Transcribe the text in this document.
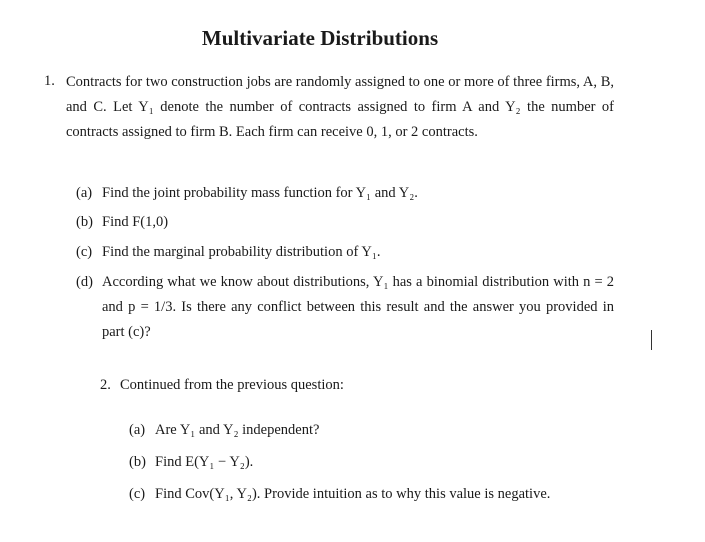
Multivariate Distributions
1. Contracts for two construction jobs are randomly assigned to one or more of three firms, A, B, and C. Let Y₁ denote the number of contracts assigned to firm A and Y₂ the number of contracts assigned to firm B. Each firm can receive 0, 1, or 2 contracts.
(a) Find the joint probability mass function for Y₁ and Y₂.
(b) Find F(1,0)
(c) Find the marginal probability distribution of Y₁.
(d) According what we know about distributions, Y₁ has a binomial distribution with n = 2 and p = 1/3. Is there any conflict between this result and the answer you provided in part (c)?
2. Continued from the previous question:
(a) Are Y₁ and Y₂ independent?
(b) Find E(Y₁ − Y₂).
(c) Find Cov(Y₁, Y₂). Provide intuition as to why this value is negative.
